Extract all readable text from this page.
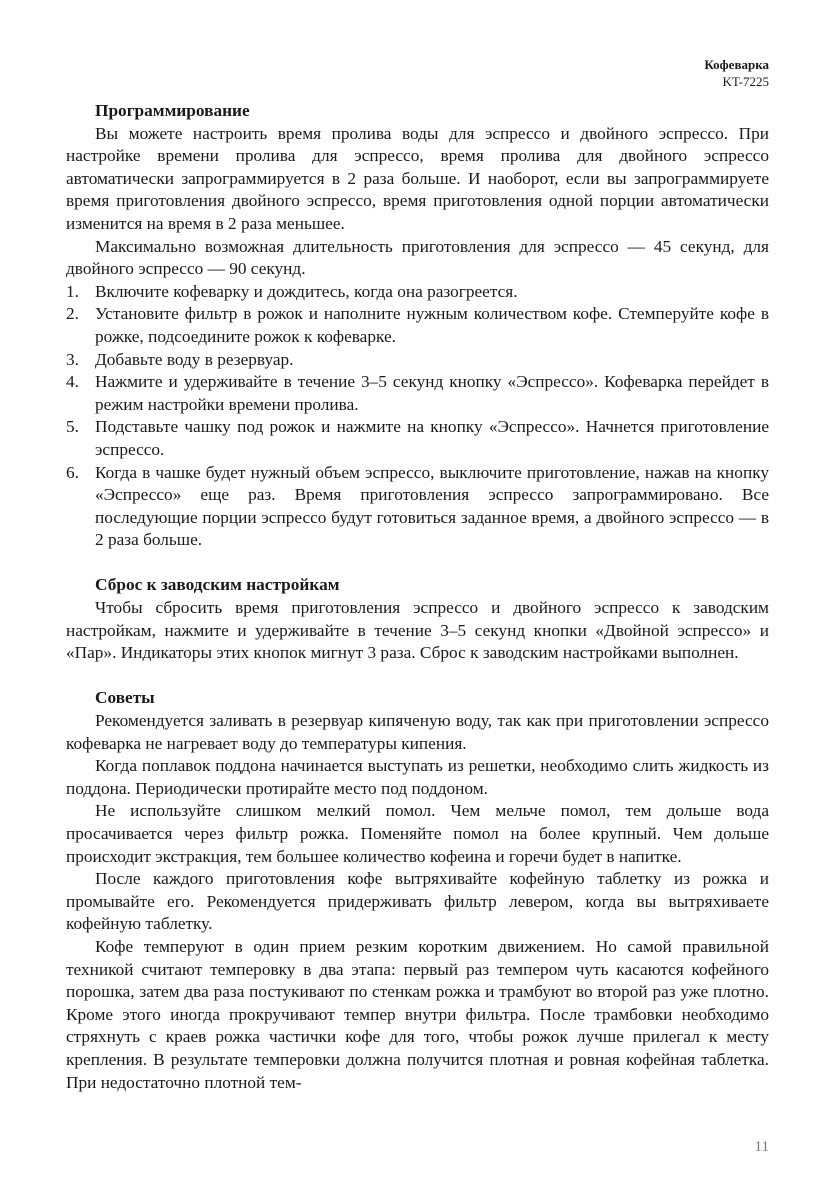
Кофеварка
KT-7225
Программирование

Вы можете настроить время пролива воды для эспрессо и двойного эспрессо. При настройке времени пролива для эспрессо, время пролива для двойного эспрессо автоматически запрограммируется в 2 раза больше. И наоборот, если вы запрограммируете время приготовления двойного эспрессо, время приготовления одной порции автоматически изменится на время в 2 раза меньшее.

Максимально возможная длительность приготовления для эспрессо — 45 секунд, для двойного эспрессо — 90 секунд.

1. Включите кофеварку и дождитесь, когда она разогреется.
2. Установите фильтр в рожок и наполните нужным количеством кофе. Стемперуйте кофе в рожке, подсоедините рожок к кофеварке.
3. Добавьте воду в резервуар.
4. Нажмите и удерживайте в течение 3–5 секунд кнопку «Эспрессо». Кофеварка перейдет в режим настройки времени пролива.
5. Подставьте чашку под рожок и нажмите на кнопку «Эспрессо». Начнется приготовление эспрессо.
6. Когда в чашке будет нужный объем эспрессо, выключите приготовление, нажав на кнопку «Эспрессо» еще раз. Время приготовления эспрессо запрограммировано. Все последующие порции эспрессо будут готовиться заданное время, а двойного эспрессо — в 2 раза больше.
Сброс к заводским настройкам

Чтобы сбросить время приготовления эспрессо и двойного эспрессо к заводским настройкам, нажмите и удерживайте в течение 3–5 секунд кнопки «Двойной эспрессо» и «Пар». Индикаторы этих кнопок мигнут 3 раза. Сброс к заводским настройками выполнен.

Советы

Рекомендуется заливать в резервуар кипяченую воду, так как при приготовлении эспрессо кофеварка не нагревает воду до температуры кипения.

Когда поплавок поддона начинается выступать из решетки, необходимо слить жидкость из поддона. Периодически протирайте место под поддоном.

Не используйте слишком мелкий помол. Чем мельче помол, тем дольше вода просачивается через фильтр рожка. Поменяйте помол на более крупный. Чем дольше происходит экстракция, тем большее количество кофеина и горечи будет в напитке.

После каждого приготовления кофе вытряхивайте кофейную таблетку из рожка и промывайте его. Рекомендуется придерживать фильтр левером, когда вы вытряхиваете кофейную таблетку.

Кофе темперуют в один прием резким коротким движением. Но самой правильной техникой считают темперовку в два этапа: первый раз темпером чуть касаются кофейного порошка, затем два раза постукивают по стенкам рожка и трамбуют во второй раз уже плотно. Кроме этого иногда прокручивают темпер внутри фильтра. После трамбовки необходимо стряхнуть с краев рожка частички кофе для того, чтобы рожок лучше прилегал к месту крепления. В результате темперовки должна получится плотная и ровная кофейная таблетка. При недостаточно плотной тем-

11
